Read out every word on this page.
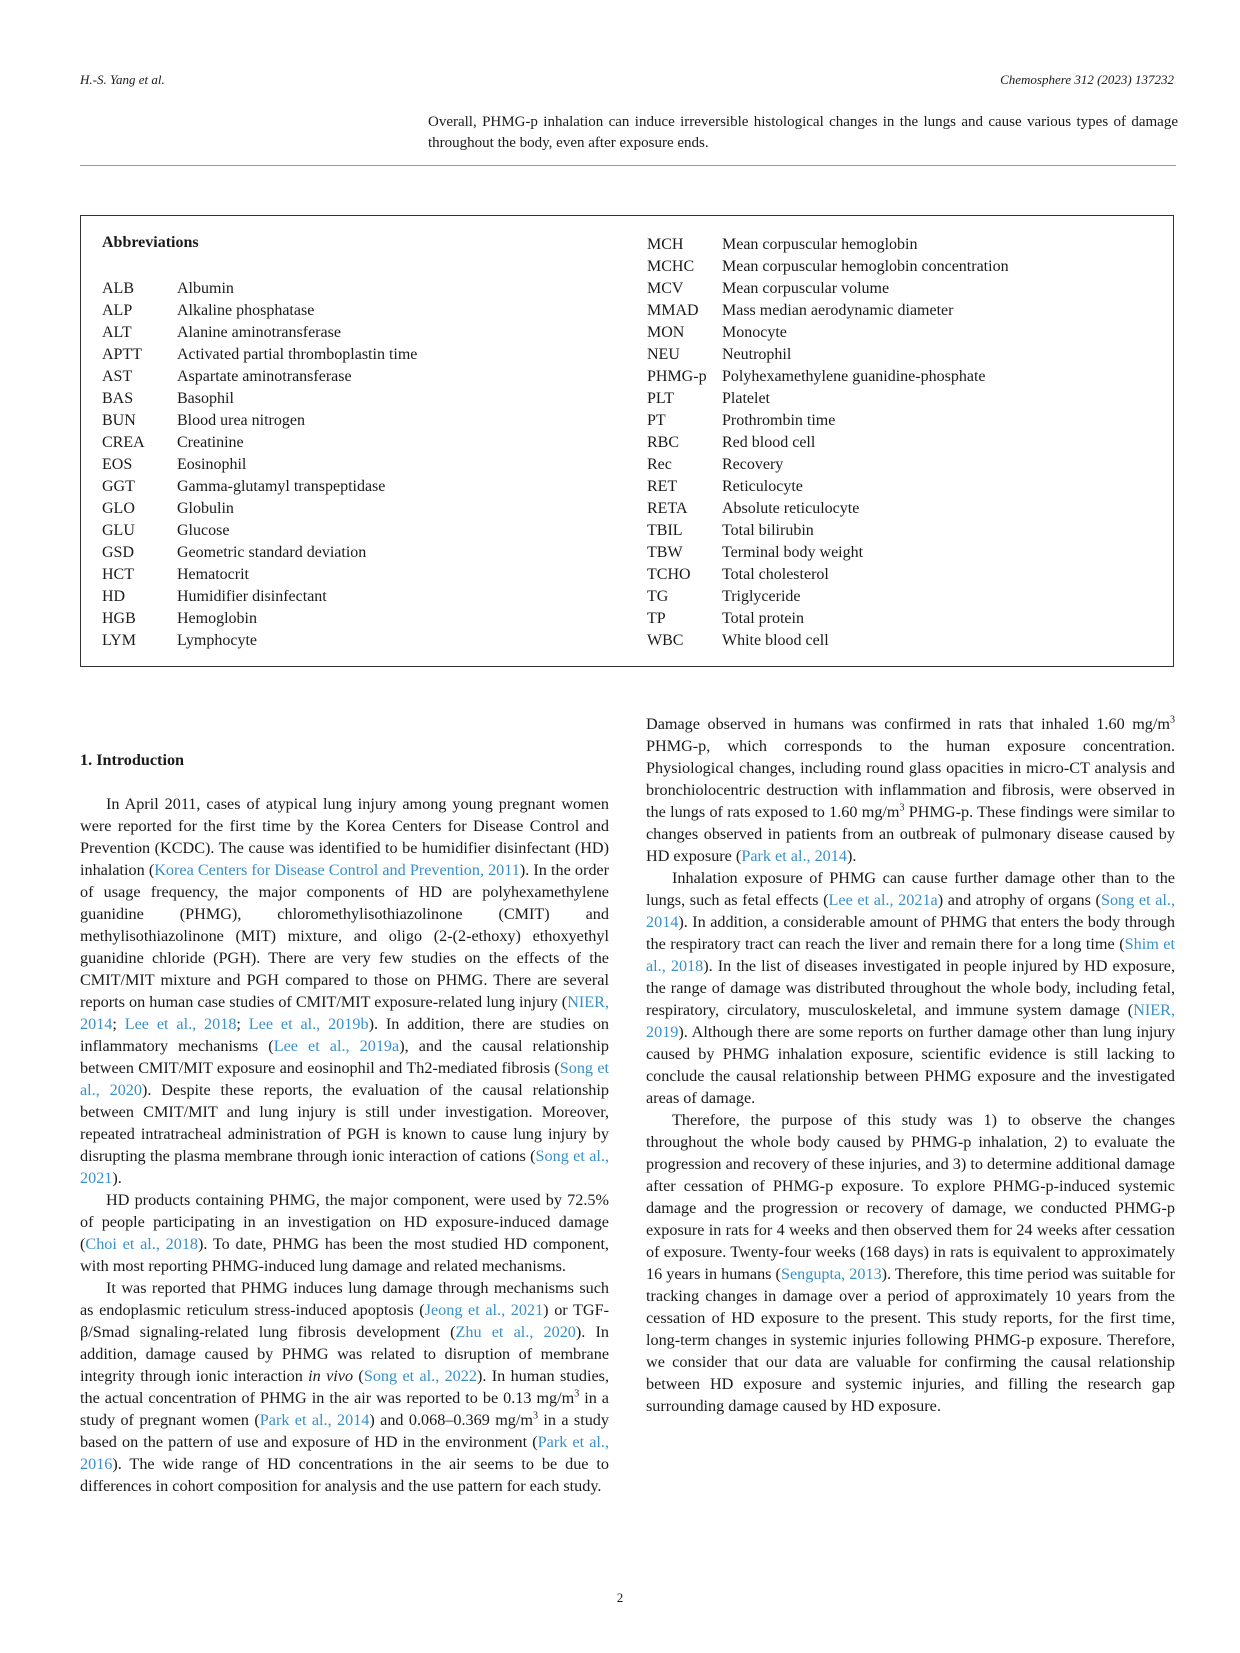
H.-S. Yang et al.	Chemosphere 312 (2023) 137232
Overall, PHMG-p inhalation can induce irreversible histological changes in the lungs and cause various types of damage throughout the body, even after exposure ends.
Abbreviations
ALB	Albumin
ALP	Alkaline phosphatase
ALT	Alanine aminotransferase
APTT Activated partial thromboplastin time
AST	Aspartate aminotransferase
BAS	Basophil
BUN	Blood urea nitrogen
CREA Creatinine
EOS	Eosinophil
GGT	Gamma-glutamyl transpeptidase
GLO	Globulin
GLU	Glucose
GSD	Geometric standard deviation
HCT	Hematocrit
HD	Humidifier disinfectant
HGB	Hemoglobin
LYM	Lymphocyte
MCH Mean corpuscular hemoglobin
MCHC Mean corpuscular hemoglobin concentration
MCV Mean corpuscular volume
MMAD Mass median aerodynamic diameter
MON Monocyte
NEU	Neutrophil
PHMG-p Polyhexamethylene guanidine-phosphate
PLT	Platelet
PT	Prothrombin time
RBC	Red blood cell
Rec	Recovery
RET	Reticulocyte
RETA Absolute reticulocyte
TBIL Total bilirubin
TBW Terminal body weight
TCHO Total cholesterol
TG	Triglyceride
TP	Total protein
WBC White blood cell
1. Introduction

In April 2011, cases of atypical lung injury among young pregnant women were reported for the first time by the Korea Centers for Disease Control and Prevention (KCDC). The cause was identified to be humidifier disinfectant (HD) inhalation (Korea Centers for Disease Control and Prevention, 2011). In the order of usage frequency, the major components of HD are polyhexamethylene guanidine (PHMG), chloromethylisothiazolinone (CMIT) and methylisothiazolinone (MIT) mixture, and oligo (2-(2-ethoxy) ethoxyethyl guanidine chloride (PGH). There are very few studies on the effects of the CMIT/MIT mixture and PGH compared to those on PHMG. There are several reports on human case studies of CMIT/MIT exposure-related lung injury (NIER, 2014; Lee et al., 2018; Lee et al., 2019b). In addition, there are studies on inflammatory mechanisms (Lee et al., 2019a), and the causal relationship between CMIT/MIT exposure and eosinophil and Th2-mediated fibrosis (Song et al., 2020). Despite these reports, the evaluation of the causal relationship between CMIT/MIT and lung injury is still under investigation. Moreover, repeated intratracheal administration of PGH is known to cause lung injury by disrupting the plasma membrane through ionic interaction of cations (Song et al., 2021).

HD products containing PHMG, the major component, were used by 72.5% of people participating in an investigation on HD exposure-induced damage (Choi et al., 2018). To date, PHMG has been the most studied HD component, with most reporting PHMG-induced lung damage and related mechanisms.

It was reported that PHMG induces lung damage through mechanisms such as endoplasmic reticulum stress-induced apoptosis (Jeong et al., 2021) or TGF-β/Smad signaling-related lung fibrosis development (Zhu et al., 2020). In addition, damage caused by PHMG was related to disruption of membrane integrity through ionic interaction in vivo (Song et al., 2022). In human studies, the actual concentration of PHMG in the air was reported to be 0.13 $mg/m^3$ in a study of pregnant women (Park et al., 2014) and 0.068–0.369 $mg/m^3$ in a study based on the pattern of use and exposure of HD in the environment (Park et al., 2016). The wide range of HD concentrations in the air seems to be due to differences in cohort composition for analysis and the use pattern for each study.

Damage observed in humans was confirmed in rats that inhaled 1.60 $mg/m^3$ PHMG-p, which corresponds to the human exposure concentration. Physiological changes, including round glass opacities in micro-CT analysis and bronchiolocentric destruction with inflammation and fibrosis, were observed in the lungs of rats exposed to 1.60 $mg/m^3$ PHMG-p. These findings were similar to changes observed in patients from an outbreak of pulmonary disease caused by HD exposure (Park et al., 2014).

Inhalation exposure of PHMG can cause further damage other than to the lungs, such as fetal effects (Lee et al., 2021a) and atrophy of organs (Song et al., 2014). In addition, a considerable amount of PHMG that enters the body through the respiratory tract can reach the liver and remain there for a long time (Shim et al., 2018). In the list of diseases investigated in people injured by HD exposure, the range of damage was distributed throughout the whole body, including fetal, respiratory, circulatory, musculoskeletal, and immune system damage (NIER, 2019). Although there are some reports on further damage other than lung injury caused by PHMG inhalation exposure, scientific evidence is still lacking to conclude the causal relationship between PHMG exposure and the investigated areas of damage.

Therefore, the purpose of this study was 1) to observe the changes throughout the whole body caused by PHMG-p inhalation, 2) to evaluate the progression and recovery of these injuries, and 3) to determine additional damage after cessation of PHMG-p exposure. To explore PHMG-p-induced systemic damage and the progression or recovery of damage, we conducted PHMG-p exposure in rats for 4 weeks and then observed them for 24 weeks after cessation of exposure. Twenty-four weeks (168 days) in rats is equivalent to approximately 16 years in humans (Sengupta, 2013). Therefore, this time period was suitable for tracking changes in damage over a period of approximately 10 years from the cessation of HD exposure to the present. This study reports, for the first time, long-term changes in systemic injuries following PHMG-p exposure. Therefore, we consider that our data are valuable for confirming the causal relationship between HD exposure and systemic injuries, and filling the research gap surrounding damage caused by HD exposure.

2
